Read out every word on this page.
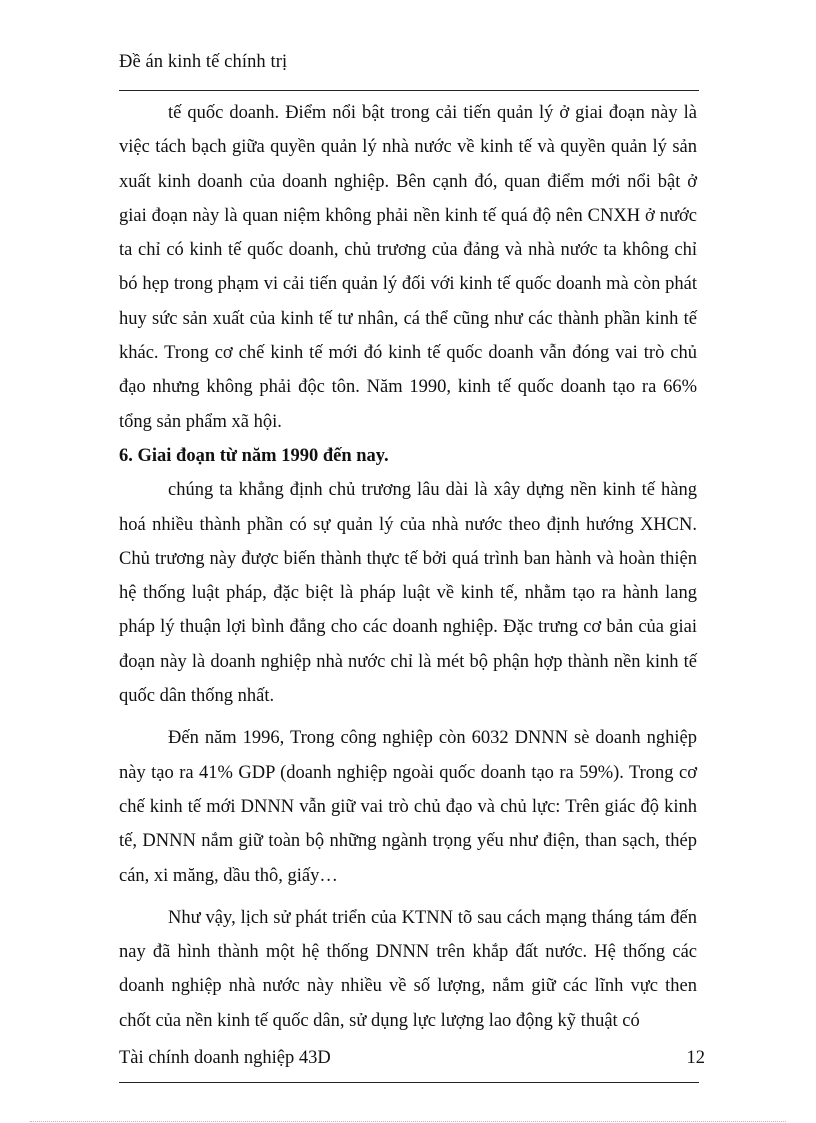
Đề án kinh tế chính trị

tế quốc doanh. Điểm nổi bật trong cải tiến quản lý ở giai đoạn này là việc tách bạch giữa quyền quản lý nhà nước về kinh tế và quyền quản lý sản xuất kinh doanh của doanh nghiệp. Bên cạnh đó, quan điểm mới nổi bật ở giai đoạn này là quan niệm không phải nền kinh tế quá độ nên CNXH ở nước ta chỉ có kinh tế quốc doanh, chủ trương của đảng và nhà nước ta không chỉ bó hẹp trong phạm vi cải tiến quản lý đối với kinh tế quốc doanh mà còn phát huy sức sản xuất của kinh tế tư nhân, cá thể cũng như các thành phần kinh tế khác. Trong cơ chế kinh tế mới đó kinh tế quốc doanh vẫn đóng vai trò chủ đạo nhưng không phải độc tôn. Năm 1990, kinh tế quốc doanh tạo ra 66% tổng sản phẩm xã hội.

6. Giai đoạn từ năm 1990 đến nay.

chúng ta khẳng định chủ trương lâu dài là xây dựng nền kinh tế hàng hoá nhiều thành phần có sự quản lý của nhà nước theo định hướng XHCN. Chủ trương này được biến thành thực tế bởi quá trình ban hành và hoàn thiện hệ thống luật pháp, đặc biệt là pháp luật về kinh tế, nhằm tạo ra hành lang pháp lý thuận lợi bình đẳng cho các doanh nghiệp. Đặc trưng cơ bản của giai đoạn này là doanh nghiệp nhà nước chỉ là mét bộ phận hợp thành nền kinh tế quốc dân thống nhất.

Đến năm 1996, Trong công nghiệp còn 6032 DNNN sè doanh nghiệp này tạo ra 41% GDP (doanh nghiệp ngoài quốc doanh tạo ra 59%). Trong cơ chế kinh tế mới DNNN vẫn giữ vai trò chủ đạo và chủ lực: Trên giác độ kinh tế, DNNN nắm giữ toàn bộ những ngành trọng yếu như điện, than sạch, thép cán, xi măng, dầu thô, giấy…

Như vậy, lịch sử phát triển của KTNN tõ sau cách mạng tháng tám đến nay đã hình thành một hệ thống DNNN trên khắp đất nước. Hệ thống các doanh nghiệp nhà nước này nhiều về số lượng, nắm giữ các lĩnh vực then chốt của nền kinh tế quốc dân, sử dụng lực lượng lao động kỹ thuật có

Tài chính doanh nghiệp 43D	12
